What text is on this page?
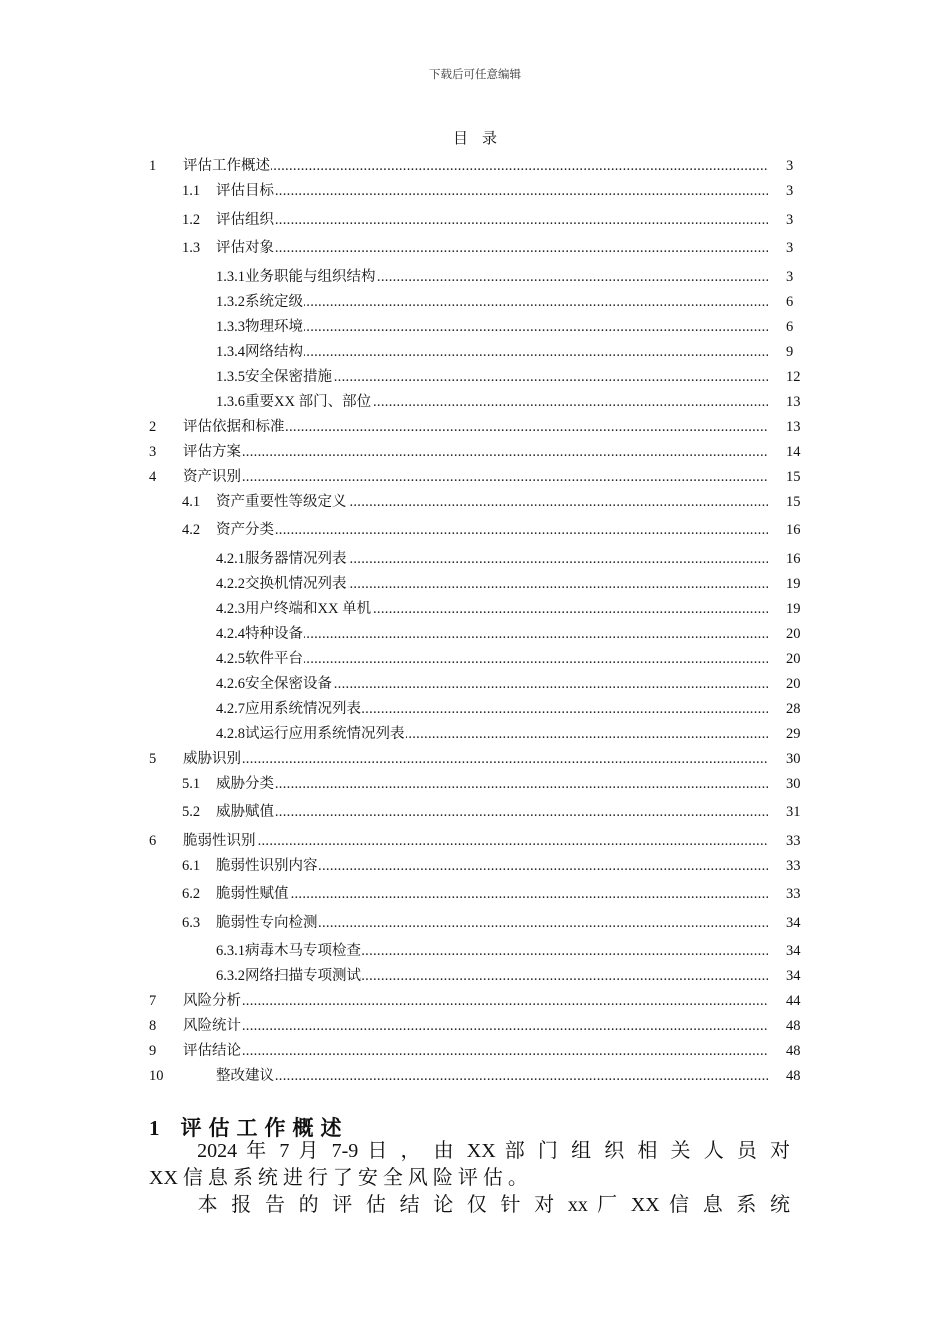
下载后可任意编辑
目录
1 评估工作概述 .....	3
1.1 评估目标 .....	3
1.2 评估组织 .....	3
1.3 评估对象 .....	3
1.3.1业务职能与组织结构 .....	3
1.3.2系统定级 .....	6
1.3.3物理环境 .....	6
1.3.4网络结构 .....	9
1.3.5安全保密措施 .....	12
1.3.6重要XX 部门、部位 .....	13
2 评估依据和标准 .....	13
3 评估方案 .....	14
4 资产识别 .....	15
4.1 资产重要性等级定义 .....	15
4.2 资产分类 .....	16
4.2.1服务器情况列表 .....	16
4.2.2交换机情况列表 .....	19
4.2.3用户终端和XX 单机 .....	19
4.2.4特种设备 .....	20
4.2.5软件平台 .....	20
4.2.6安全保密设备 .....	20
4.2.7应用系统情况列表 .....	28
4.2.8试运行应用系统情况列表 .....	29
5 威胁识别 .....	30
5.1 威胁分类 .....	30
5.2 威胁赋值 .....	31
6 脆弱性识别 .....	33
6.1 脆弱性识别内容 .....	33
6.2 脆弱性赋值 .....	33
6.3 脆弱性专向检测 .....	34
6.3.1病毒木马专项检查 .....	34
6.3.2网络扫描专项测试 .....	34
7 风险分析 .....	44
8 风险统计 .....	48
9 评估结论 .....	48
10	整改建议 .....	48
1 评估工作概述
　　2024 年 7 月 7-9 日 ， 由 XX 部 门 组 织 相 关 人 员 对
XX 信 息 系 统 进 行 了 安 全 风 险 评 估 。
　　本 报 告 的 评 估 结 论 仅 针 对 xx 厂 XX 信 息 系 统
